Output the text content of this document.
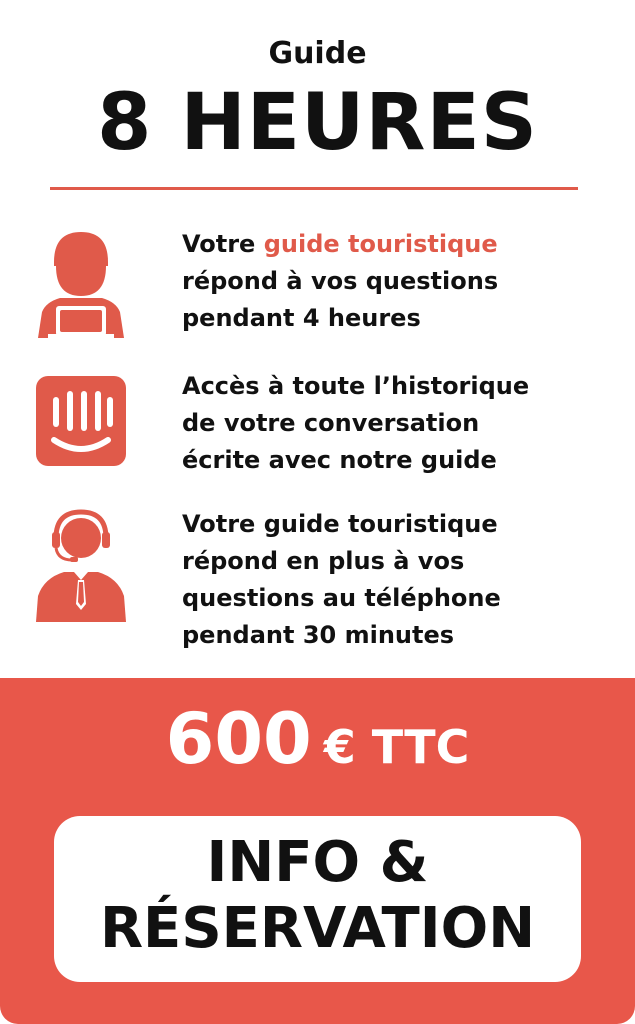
Guide
8 HEURES
Votre guide touristique
répond à vos questions
pendant 4 heures
Accès à toute l’historique
de votre conversation
écrite avec notre guide
Votre guide touristique
répond en plus à vos
questions au téléphone
pendant 30 minutes
600 € TTC
INFO &
RÉSERVATION
